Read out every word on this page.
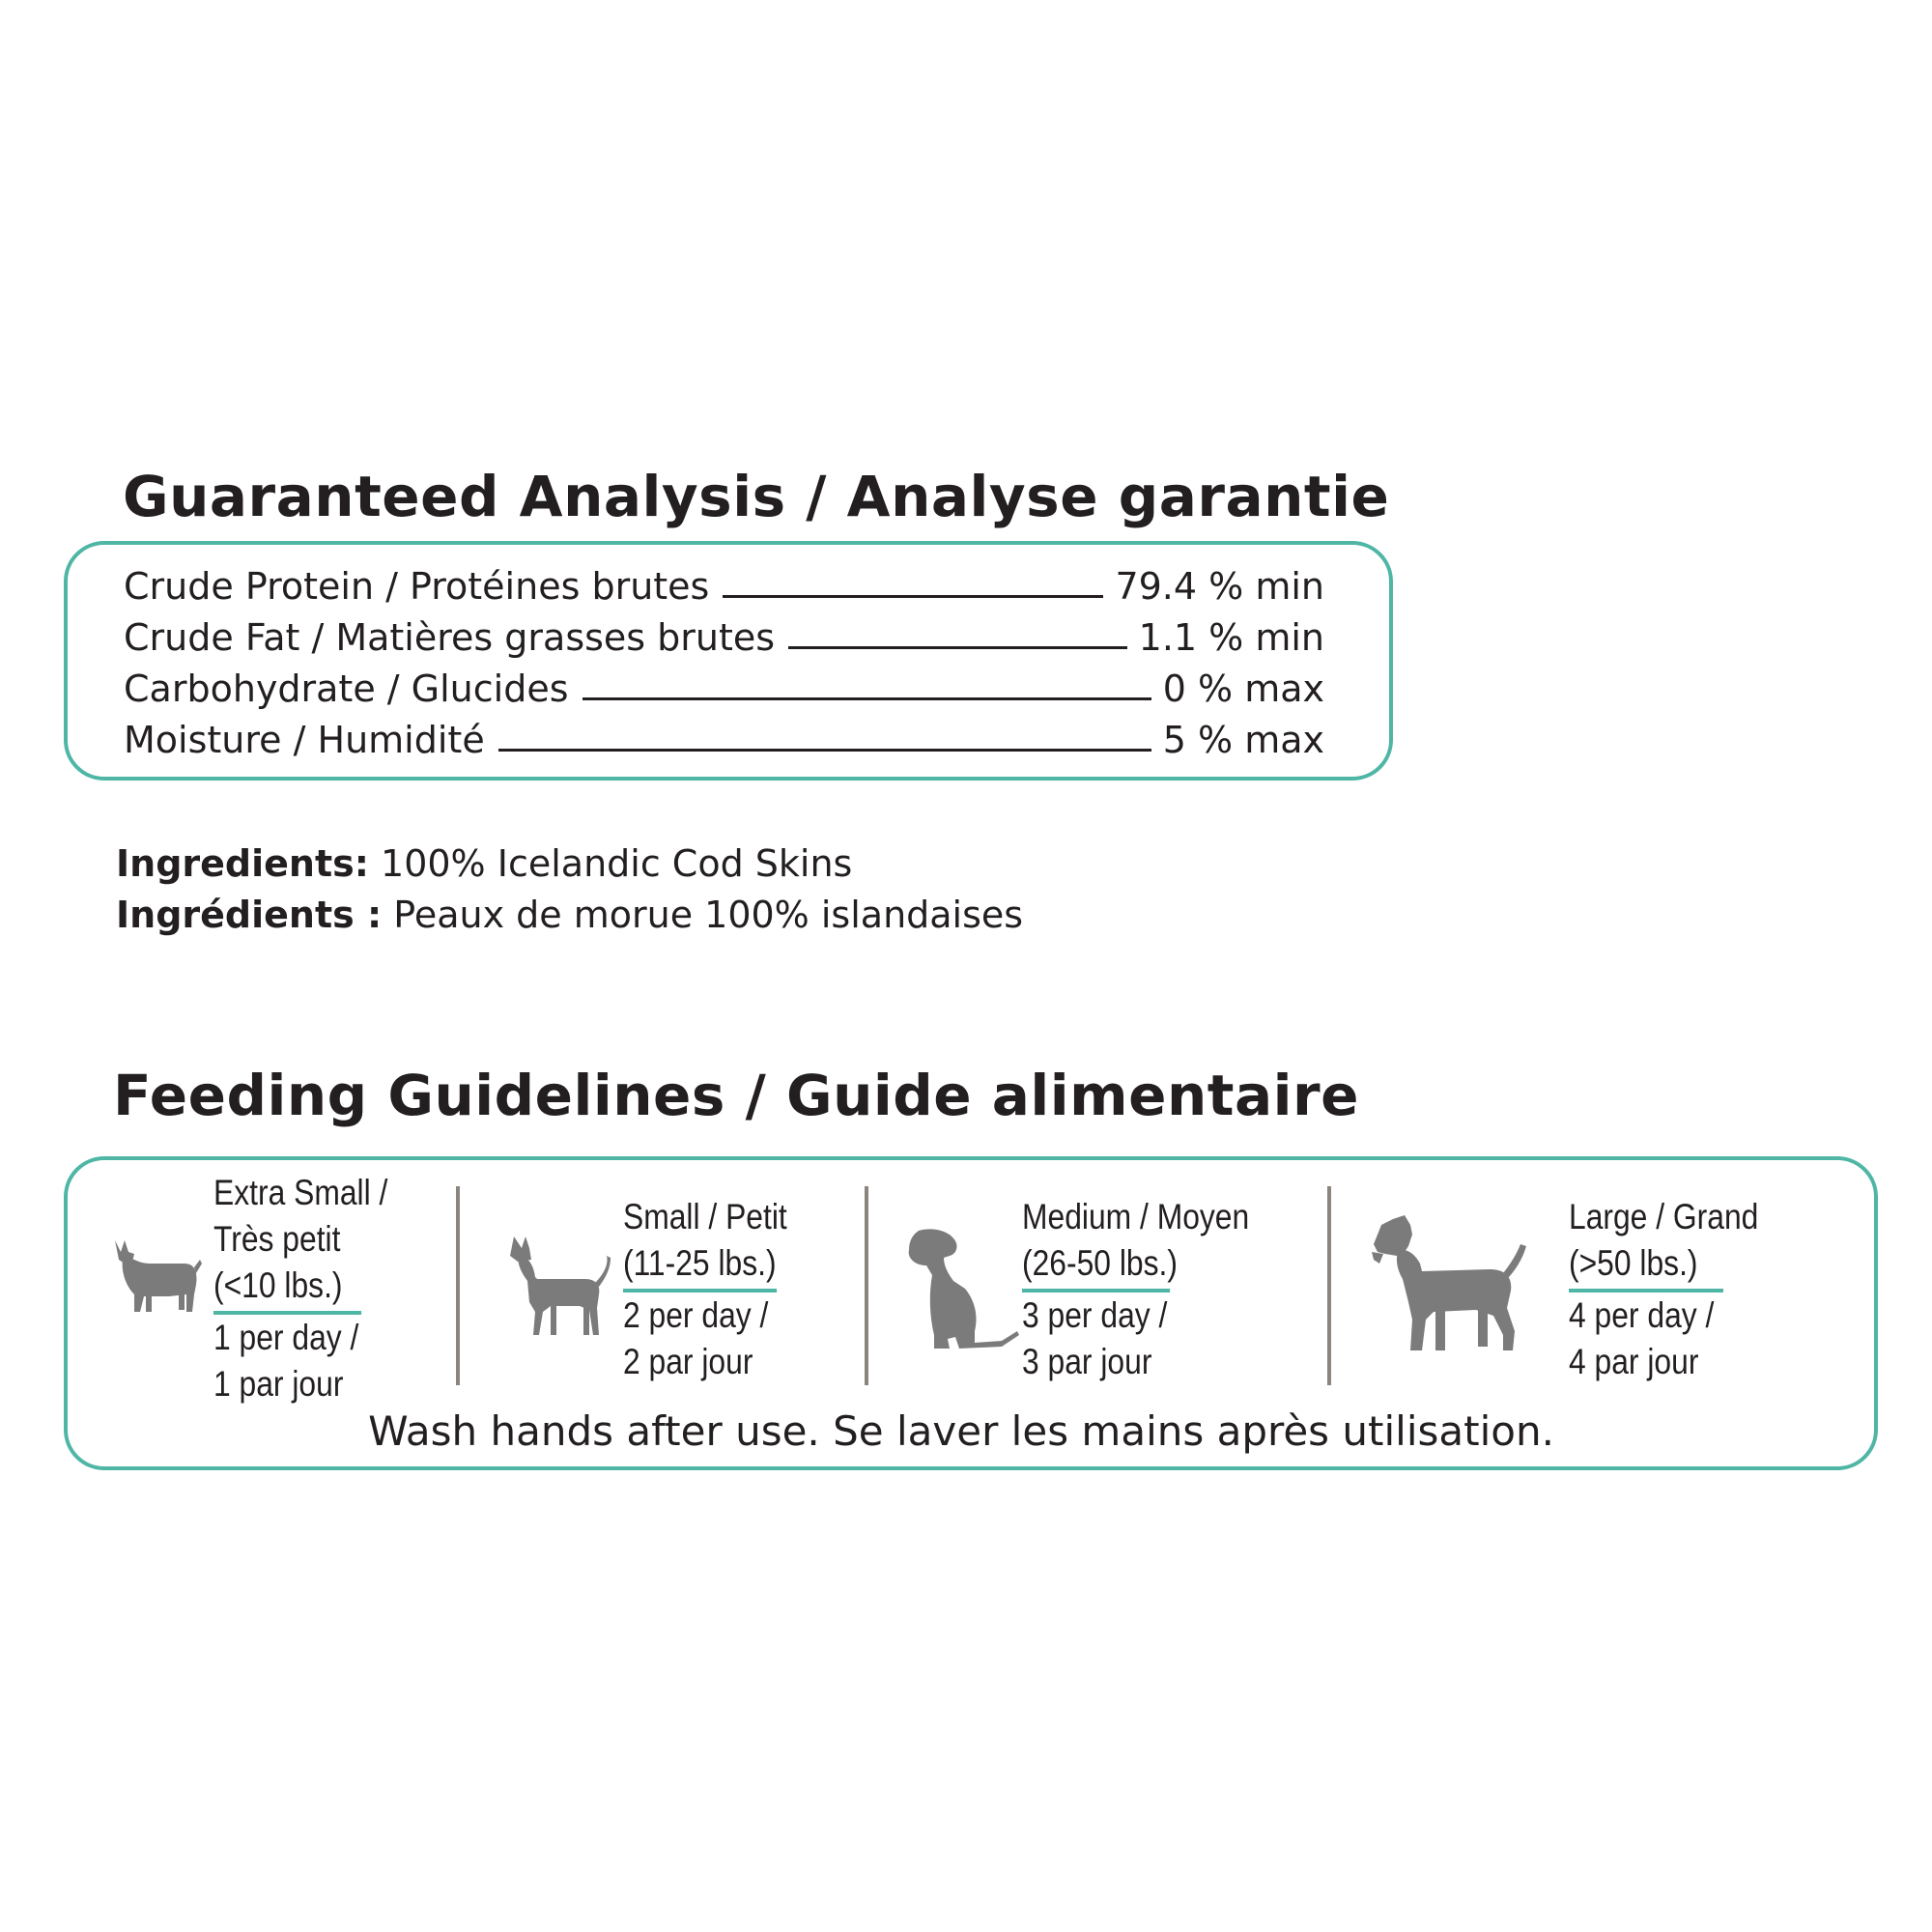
Guaranteed Analysis / Analyse garantie
Crude Protein / Protéines brutes	79.4 % min
Crude Fat / Matières grasses brutes	1.1 % min
Carbohydrate / Glucides	0 % max
Moisture / Humidité	5 % max
Ingredients: 100% Icelandic Cod Skins
Ingrédients : Peaux de morue 100% islandaises
Feeding Guidelines / Guide alimentaire
Extra Small /
Très petit
(<10 lbs.)
1 per day /
1 par jour
Small / Petit
(11-25 lbs.)
2 per day /
2 par jour
Medium / Moyen
(26-50 lbs.)
3 per day /
3 par jour
Large / Grand
(>50 lbs.)
4 per day /
4 par jour
Wash hands after use. Se laver les mains après utilisation.
